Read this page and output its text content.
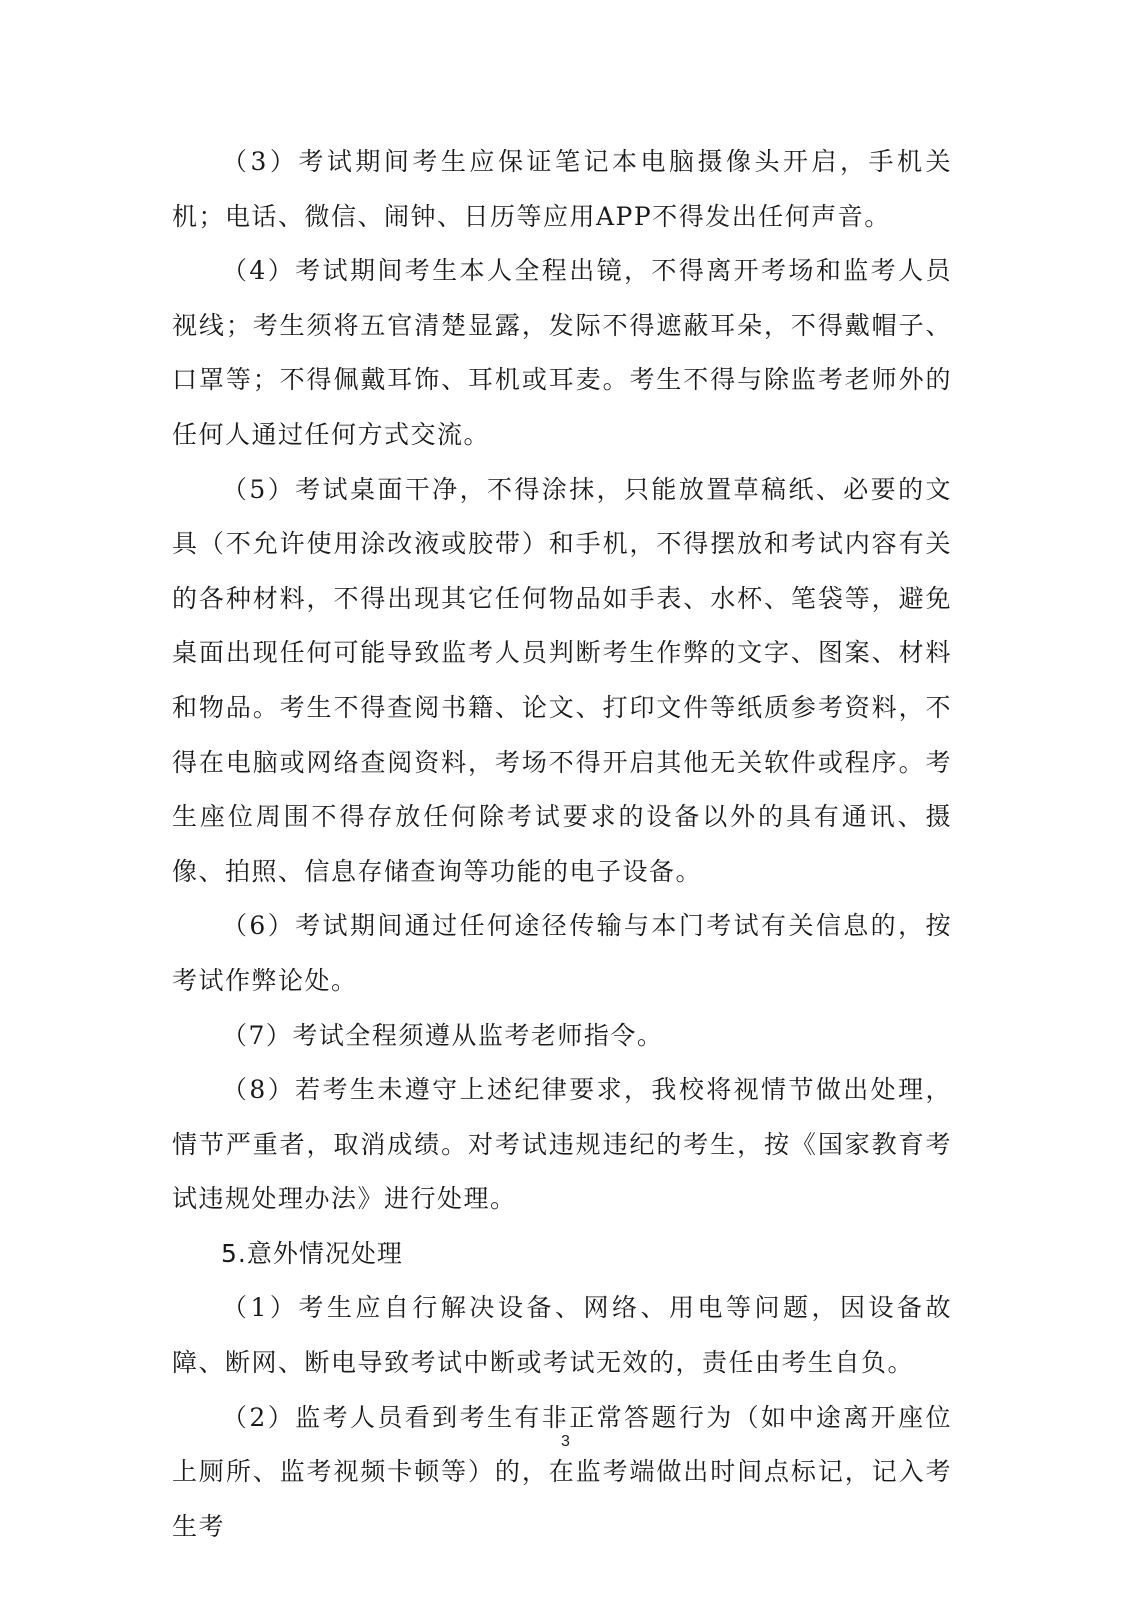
（3）考试期间考生应保证笔记本电脑摄像头开启，手机关机；电话、微信、闹钟、日历等应用APP不得发出任何声音。

（4）考试期间考生本人全程出镜，不得离开考场和监考人员视线；考生须将五官清楚显露，发际不得遮蔽耳朵，不得戴帽子、口罩等；不得佩戴耳饰、耳机或耳麦。考生不得与除监考老师外的任何人通过任何方式交流。

（5）考试桌面干净，不得涂抹，只能放置草稿纸、必要的文具（不允许使用涂改液或胶带）和手机，不得摆放和考试内容有关的各种材料，不得出现其它任何物品如手表、水杯、笔袋等，避免桌面出现任何可能导致监考人员判断考生作弊的文字、图案、材料和物品。考生不得查阅书籍、论文、打印文件等纸质参考资料，不得在电脑或网络查阅资料，考场不得开启其他无关软件或程序。考生座位周围不得存放任何除考试要求的设备以外的具有通讯、摄像、拍照、信息存储查询等功能的电子设备。

（6）考试期间通过任何途径传输与本门考试有关信息的，按考试作弊论处。

（7）考试全程须遵从监考老师指令。

（8）若考生未遵守上述纪律要求，我校将视情节做出处理，情节严重者，取消成绩。对考试违规违纪的考生，按《国家教育考试违规处理办法》进行处理。

5.意外情况处理

（1）考生应自行解决设备、网络、用电等问题，因设备故障、断网、断电导致考试中断或考试无效的，责任由考生自负。

（2）监考人员看到考生有非正常答题行为（如中途离开座位上厕所、监考视频卡顿等）的，在监考端做出时间点标记，记入考生考

3
